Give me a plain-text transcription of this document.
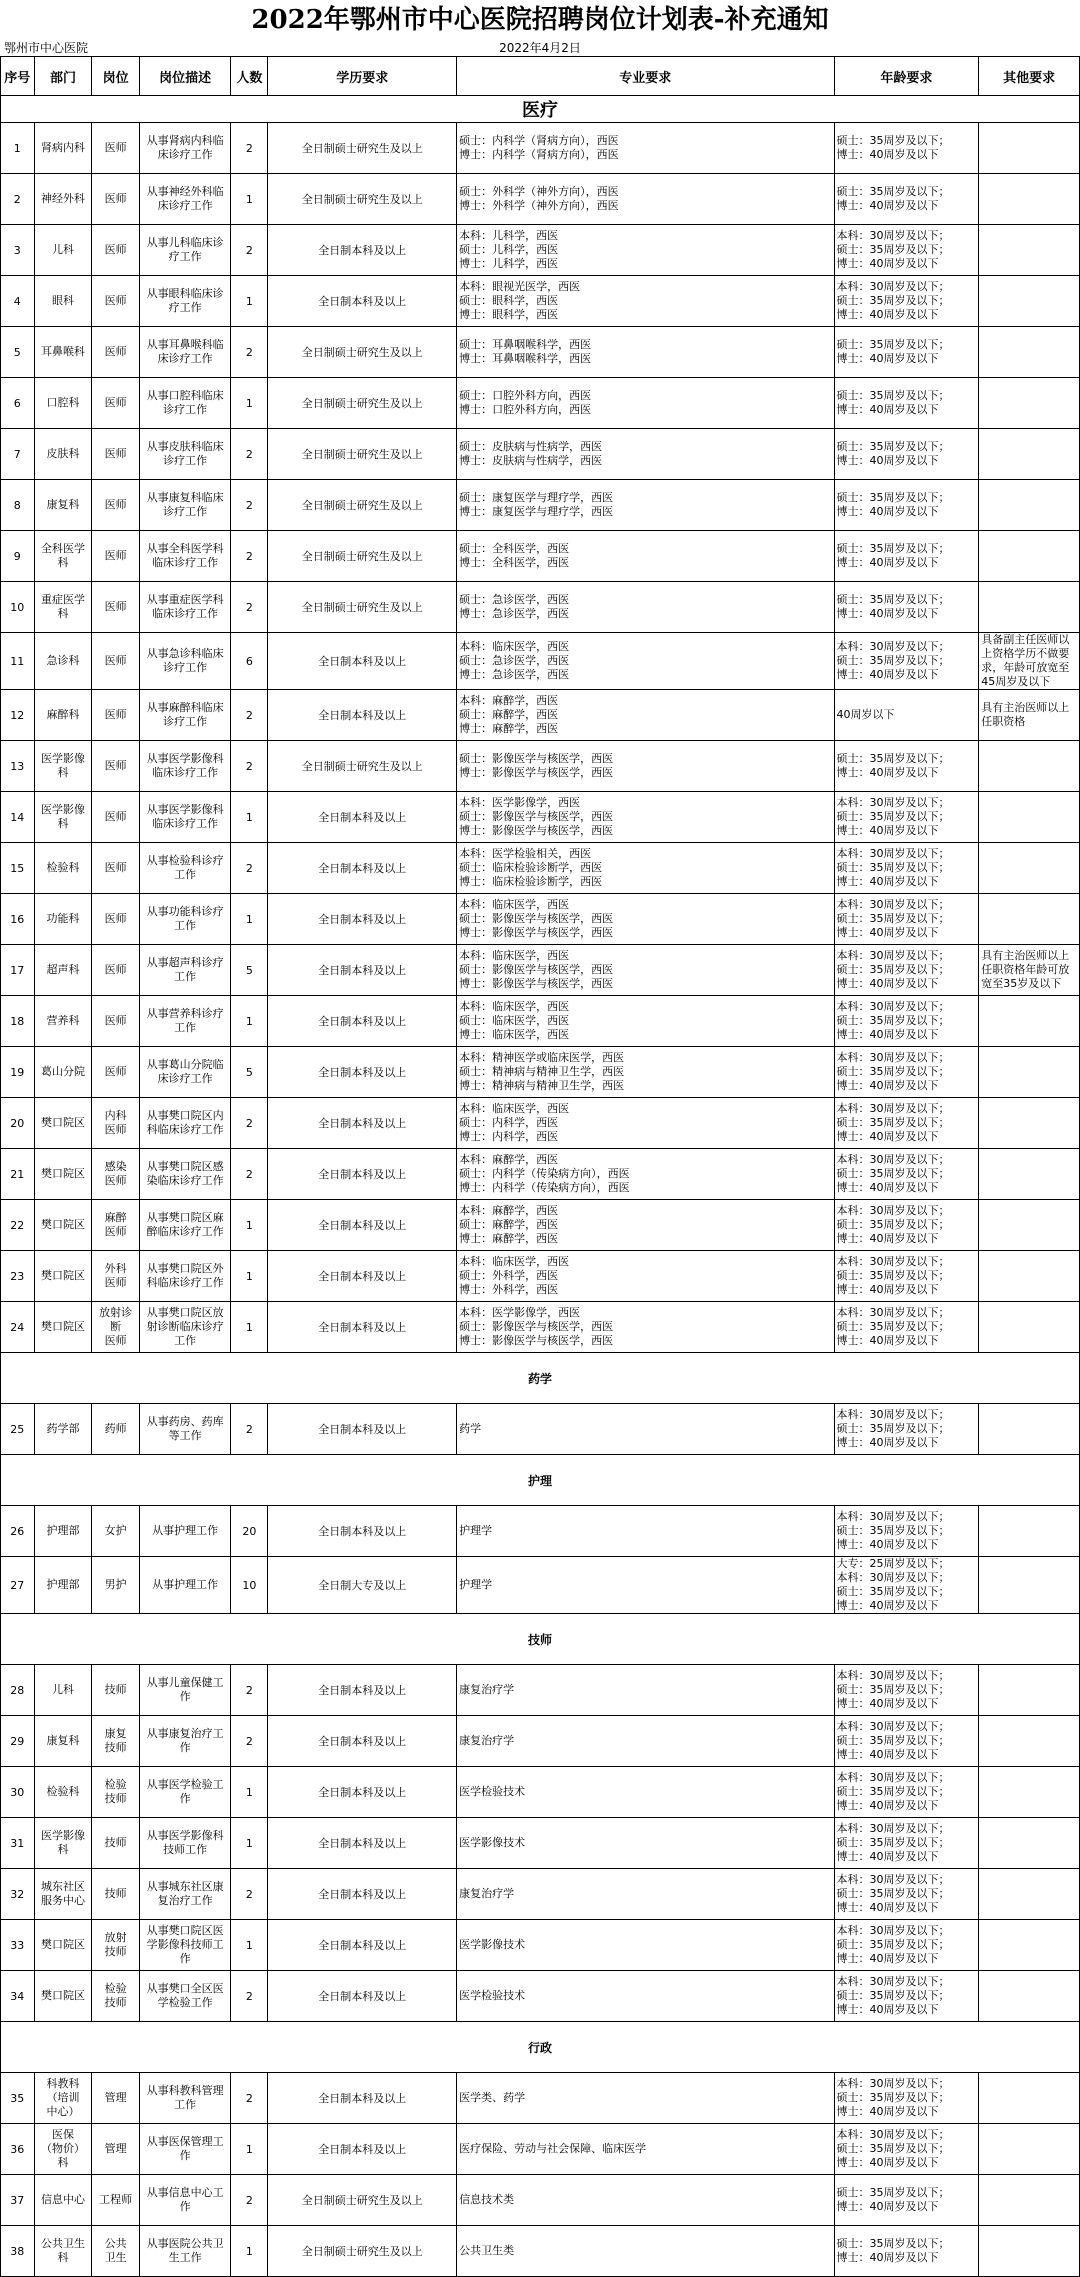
2022年鄂州市中心医院招聘岗位计划表-补充通知
鄂州市中心医院	2022年4月2日
序号	部门	岗位	岗位描述	人数	学历要求	专业要求	年龄要求	其他要求
医疗								
1	肾病内科	医师	从事肾病内科临床诊疗工作	2	全日制硕士研究生及以上	硕士：内科学（肾病方向），西医
博士：内科学（肾病方向），西医	硕士：35周岁及以下；
博士：40周岁及以下	
2	神经外科	医师	从事神经外科临床诊疗工作	1	全日制硕士研究生及以上	硕士：外科学（神外方向），西医
博士：外科学（神外方向），西医	硕士：35周岁及以下；
博士：40周岁及以下	
3	儿科	医师	从事儿科临床诊疗工作	2	全日制本科及以上	本科：儿科学，西医
硕士：儿科学，西医
博士：儿科学，西医	本科：30周岁及以下；
硕士：35周岁及以下；
博士：40周岁及以下	
4	眼科	医师	从事眼科临床诊疗工作	1	全日制本科及以上	本科：眼视光医学，西医
硕士：眼科学，西医
博士：眼科学，西医	本科：30周岁及以下；
硕士：35周岁及以下；
博士：40周岁及以下	
5	耳鼻喉科	医师	从事耳鼻喉科临床诊疗工作	2	全日制硕士研究生及以上	硕士：耳鼻咽喉科学，西医
博士：耳鼻咽喉科学，西医	硕士：35周岁及以下；
博士：40周岁及以下	
6	口腔科	医师	从事口腔科临床诊疗工作	1	全日制硕士研究生及以上	硕士：口腔外科方向，西医
博士：口腔外科方向，西医	硕士：35周岁及以下；
博士：40周岁及以下	
7	皮肤科	医师	从事皮肤科临床诊疗工作	2	全日制硕士研究生及以上	硕士：皮肤病与性病学，西医
博士：皮肤病与性病学，西医	硕士：35周岁及以下；
博士：40周岁及以下	
8	康复科	医师	从事康复科临床诊疗工作	2	全日制硕士研究生及以上	硕士：康复医学与理疗学，西医
博士：康复医学与理疗学，西医	硕士：35周岁及以下；
博士：40周岁及以下	
9	全科医学科	医师	从事全科医学科临床诊疗工作	2	全日制硕士研究生及以上	硕士：全科医学，西医
博士：全科医学，西医	硕士：35周岁及以下；
博士：40周岁及以下	
10	重症医学科	医师	从事重症医学科临床诊疗工作	2	全日制硕士研究生及以上	硕士：急诊医学，西医
博士：急诊医学，西医	硕士：35周岁及以下；
博士：40周岁及以下	
11	急诊科	医师	从事急诊科临床诊疗工作	6	全日制本科及以上	本科：临床医学，西医
硕士：急诊医学，西医
博士：急诊医学，西医	本科：30周岁及以下；
硕士：35周岁及以下；
博士：40周岁及以下	具备副主任医师以上资格学历不做要求，年龄可放宽至45周岁及以下
12	麻醉科	医师	从事麻醉科临床诊疗工作	2	全日制本科及以上	本科：麻醉学，西医
硕士：麻醉学，西医
博士：麻醉学，西医	40周岁以下	具有主治医师以上任职资格
13	医学影像科	医师	从事医学影像科临床诊疗工作	2	全日制硕士研究生及以上	硕士：影像医学与核医学，西医
博士：影像医学与核医学，西医	硕士：35周岁及以下；
博士：40周岁及以下	
14	医学影像科	医师	从事医学影像科临床诊疗工作	1	全日制本科及以上	本科：医学影像学，西医
硕士：影像医学与核医学，西医
博士：影像医学与核医学，西医	本科：30周岁及以下；
硕士：35周岁及以下；
博士：40周岁及以下	
15	检验科	医师	从事检验科诊疗工作	2	全日制本科及以上	本科：医学检验相关，西医
硕士：临床检验诊断学，西医
博士：临床检验诊断学，西医	本科：30周岁及以下；
硕士：35周岁及以下；
博士：40周岁及以下	
16	功能科	医师	从事功能科诊疗工作	1	全日制本科及以上	本科：临床医学，西医
硕士：影像医学与核医学，西医
博士：影像医学与核医学，西医	本科：30周岁及以下；
硕士：35周岁及以下；
博士：40周岁及以下	
17	超声科	医师	从事超声科诊疗工作	5	全日制本科及以上	本科：临床医学，西医
硕士：影像医学与核医学，西医
博士：影像医学与核医学，西医	本科：30周岁及以下；
硕士：35周岁及以下；
博士：40周岁及以下	具有主治医师以上任职资格年龄可放宽至35岁及以下
18	营养科	医师	从事营养科诊疗工作	1	全日制本科及以上	本科：临床医学，西医
硕士：临床医学，西医
博士：临床医学，西医	本科：30周岁及以下；
硕士：35周岁及以下；
博士：40周岁及以下	
19	葛山分院	医师	从事葛山分院临床诊疗工作	5	全日制本科及以上	本科：精神医学或临床医学，西医
硕士：精神病与精神卫生学，西医
博士：精神病与精神卫生学，西医	本科：30周岁及以下；
硕士：35周岁及以下；
博士：40周岁及以下	
20	樊口院区	内科
医师	从事樊口院区内科临床诊疗工作	2	全日制本科及以上	本科：临床医学，西医
硕士：内科学，西医
博士：内科学，西医	本科：30周岁及以下；
硕士：35周岁及以下；
博士：40周岁及以下	
21	樊口院区	感染
医师	从事樊口院区感染临床诊疗工作	2	全日制本科及以上	本科：麻醉学，西医
硕士：内科学（传染病方向），西医
博士：内科学（传染病方向），西医	本科：30周岁及以下；
硕士：35周岁及以下；
博士：40周岁及以下	
22	樊口院区	麻醉
医师	从事樊口院区麻醉临床诊疗工作	1	全日制本科及以上	本科：麻醉学，西医
硕士：麻醉学，西医
博士：麻醉学，西医	本科：30周岁及以下；
硕士：35周岁及以下；
博士：40周岁及以下	
23	樊口院区	外科
医师	从事樊口院区外科临床诊疗工作	1	全日制本科及以上	本科：临床医学，西医
硕士：外科学，西医
博士：外科学，西医	本科：30周岁及以下；
硕士：35周岁及以下；
博士：40周岁及以下	
24	樊口院区	放射诊断
医师	从事樊口院区放射诊断临床诊疗工作	1	全日制本科及以上	本科：医学影像学，西医
硕士：影像医学与核医学，西医
博士：影像医学与核医学，西医	本科：30周岁及以下；
硕士：35周岁及以下；
博士：40周岁及以下	
药学								
25	药学部	药师	从事药房、药库等工作	2	全日制本科及以上	药学	本科：30周岁及以下；
硕士：35周岁及以下；
博士：40周岁及以下	
护理								
26	护理部	女护	从事护理工作	20	全日制本科及以上	护理学	本科：30周岁及以下；
硕士：35周岁及以下；
博士：40周岁及以下	
27	护理部	男护	从事护理工作	10	全日制大专及以上	护理学	大专：25周岁及以下；
本科：30周岁及以下；
硕士：35周岁及以下；
博士：40周岁及以下	
技师								
28	儿科	技师	从事儿童保健工作	2	全日制本科及以上	康复治疗学	本科：30周岁及以下；
硕士：35周岁及以下；
博士：40周岁及以下	
29	康复科	康复
技师	从事康复治疗工作	2	全日制本科及以上	康复治疗学	本科：30周岁及以下；
硕士：35周岁及以下；
博士：40周岁及以下	
30	检验科	检验
技师	从事医学检验工作	1	全日制本科及以上	医学检验技术	本科：30周岁及以下；
硕士：35周岁及以下；
博士：40周岁及以下	
31	医学影像科	技师	从事医学影像科技师工作	1	全日制本科及以上	医学影像技术	本科：30周岁及以下；
硕士：35周岁及以下；
博士：40周岁及以下	
32	城东社区
服务中心	技师	从事城东社区康复治疗工作	2	全日制本科及以上	康复治疗学	本科：30周岁及以下；
硕士：35周岁及以下；
博士：40周岁及以下	
33	樊口院区	放射
技师	从事樊口院区医学影像科技师工作	1	全日制本科及以上	医学影像技术	本科：30周岁及以下；
硕士：35周岁及以下；
博士：40周岁及以下	
34	樊口院区	检验
技师	从事樊口全区医学检验工作	2	全日制本科及以上	医学检验技术	本科：30周岁及以下；
硕士：35周岁及以下；
博士：40周岁及以下	
行政								
35	科教科（培训
中心）	管理	从事科教科管理工作	2	全日制本科及以上	医学类、药学	本科：30周岁及以下；
硕士：35周岁及以下；
博士：40周岁及以下	
36	医保
（物价）科	管理	从事医保管理工作	1	全日制本科及以上	医疗保险、劳动与社会保障、临床医学	本科：30周岁及以下；
硕士：35周岁及以下；
博士：40周岁及以下	
37	信息中心	工程师	从事信息中心工作	2	全日制硕士研究生及以上	信息技术类	硕士：35周岁及以下；
博士：40周岁及以下	
38	公共卫生科	公共
卫生	从事医院公共卫生工作	1	全日制硕士研究生及以上	公共卫生类	硕士：35周岁及以下；
博士：40周岁及以下	
